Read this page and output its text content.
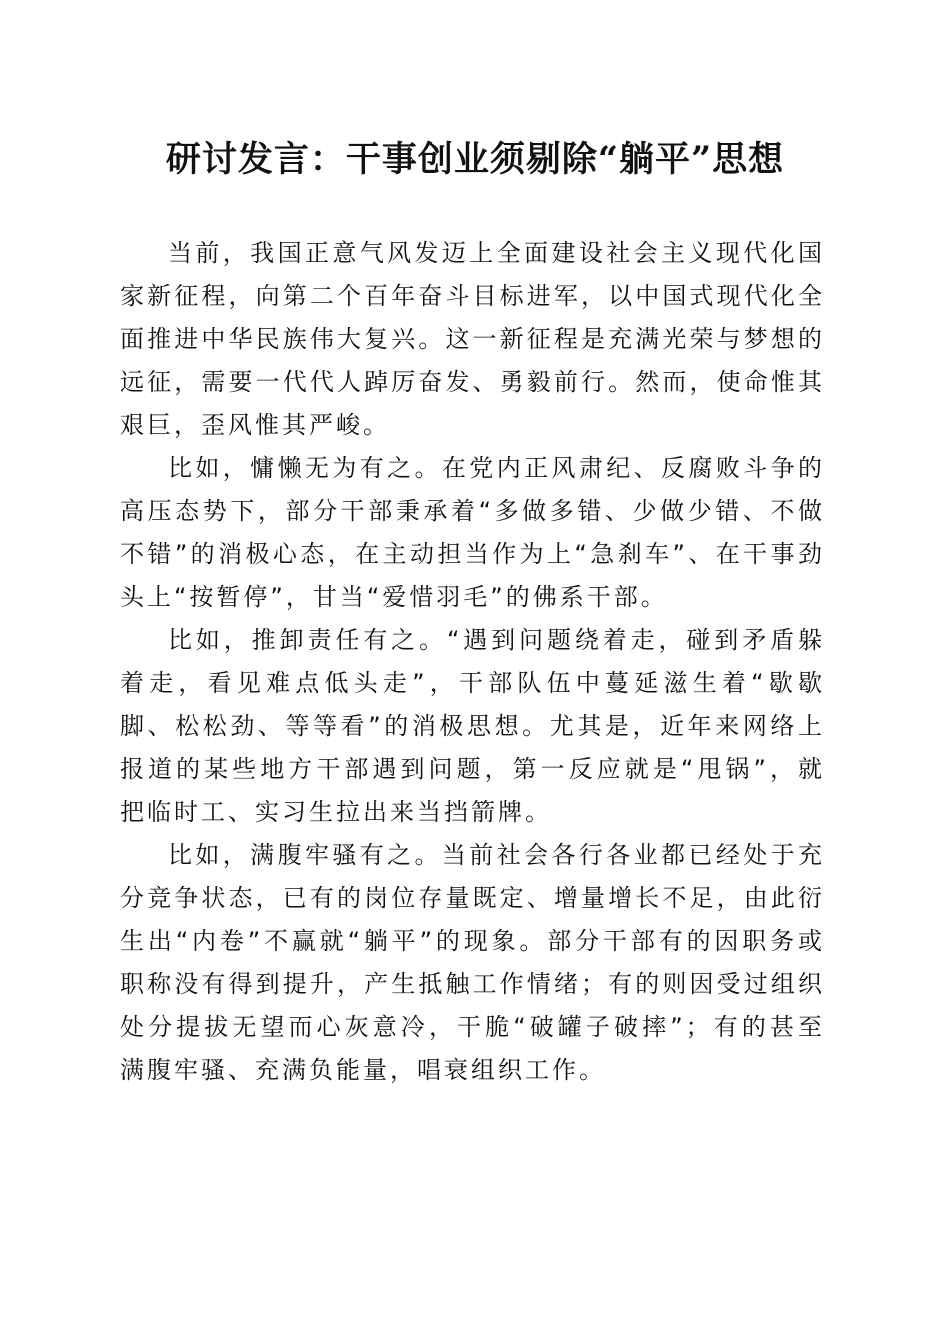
研讨发言：干事创业须剔除“躺平”思想

当前，我国正意气风发迈上全面建设社会主义现代化国家新征程，向第二个百年奋斗目标进军，以中国式现代化全面推进中华民族伟大复兴。这一新征程是充满光荣与梦想的远征，需要一代代人踔厉奋发、勇毅前行。然而，使命惟其艰巨，歪风惟其严峻。

比如，慵懒无为有之。在党内正风肃纪、反腐败斗争的高压态势下，部分干部秉承着“多做多错、少做少错、不做不错”的消极心态，在主动担当作为上“急刹车”、在干事劲头上“按暂停”，甘当“爱惜羽毛”的佛系干部。

比如，推卸责任有之。“遇到问题绕着走，碰到矛盾躲着走，看见难点低头走”，干部队伍中蔓延滋生着“歇歇脚、松松劲、等等看”的消极思想。尤其是，近年来网络上报道的某些地方干部遇到问题，第一反应就是“甩锅”，就把临时工、实习生拉出来当挡箭牌。

比如，满腹牢骚有之。当前社会各行各业都已经处于充分竞争状态，已有的岗位存量既定、增量增长不足，由此衍生出“内卷”不赢就“躺平”的现象。部分干部有的因职务或职称没有得到提升，产生抵触工作情绪；有的则因受过组织处分提拔无望而心灰意冷，干脆“破罐子破摔”；有的甚至满腹牢骚、充满负能量，唱衰组织工作。
